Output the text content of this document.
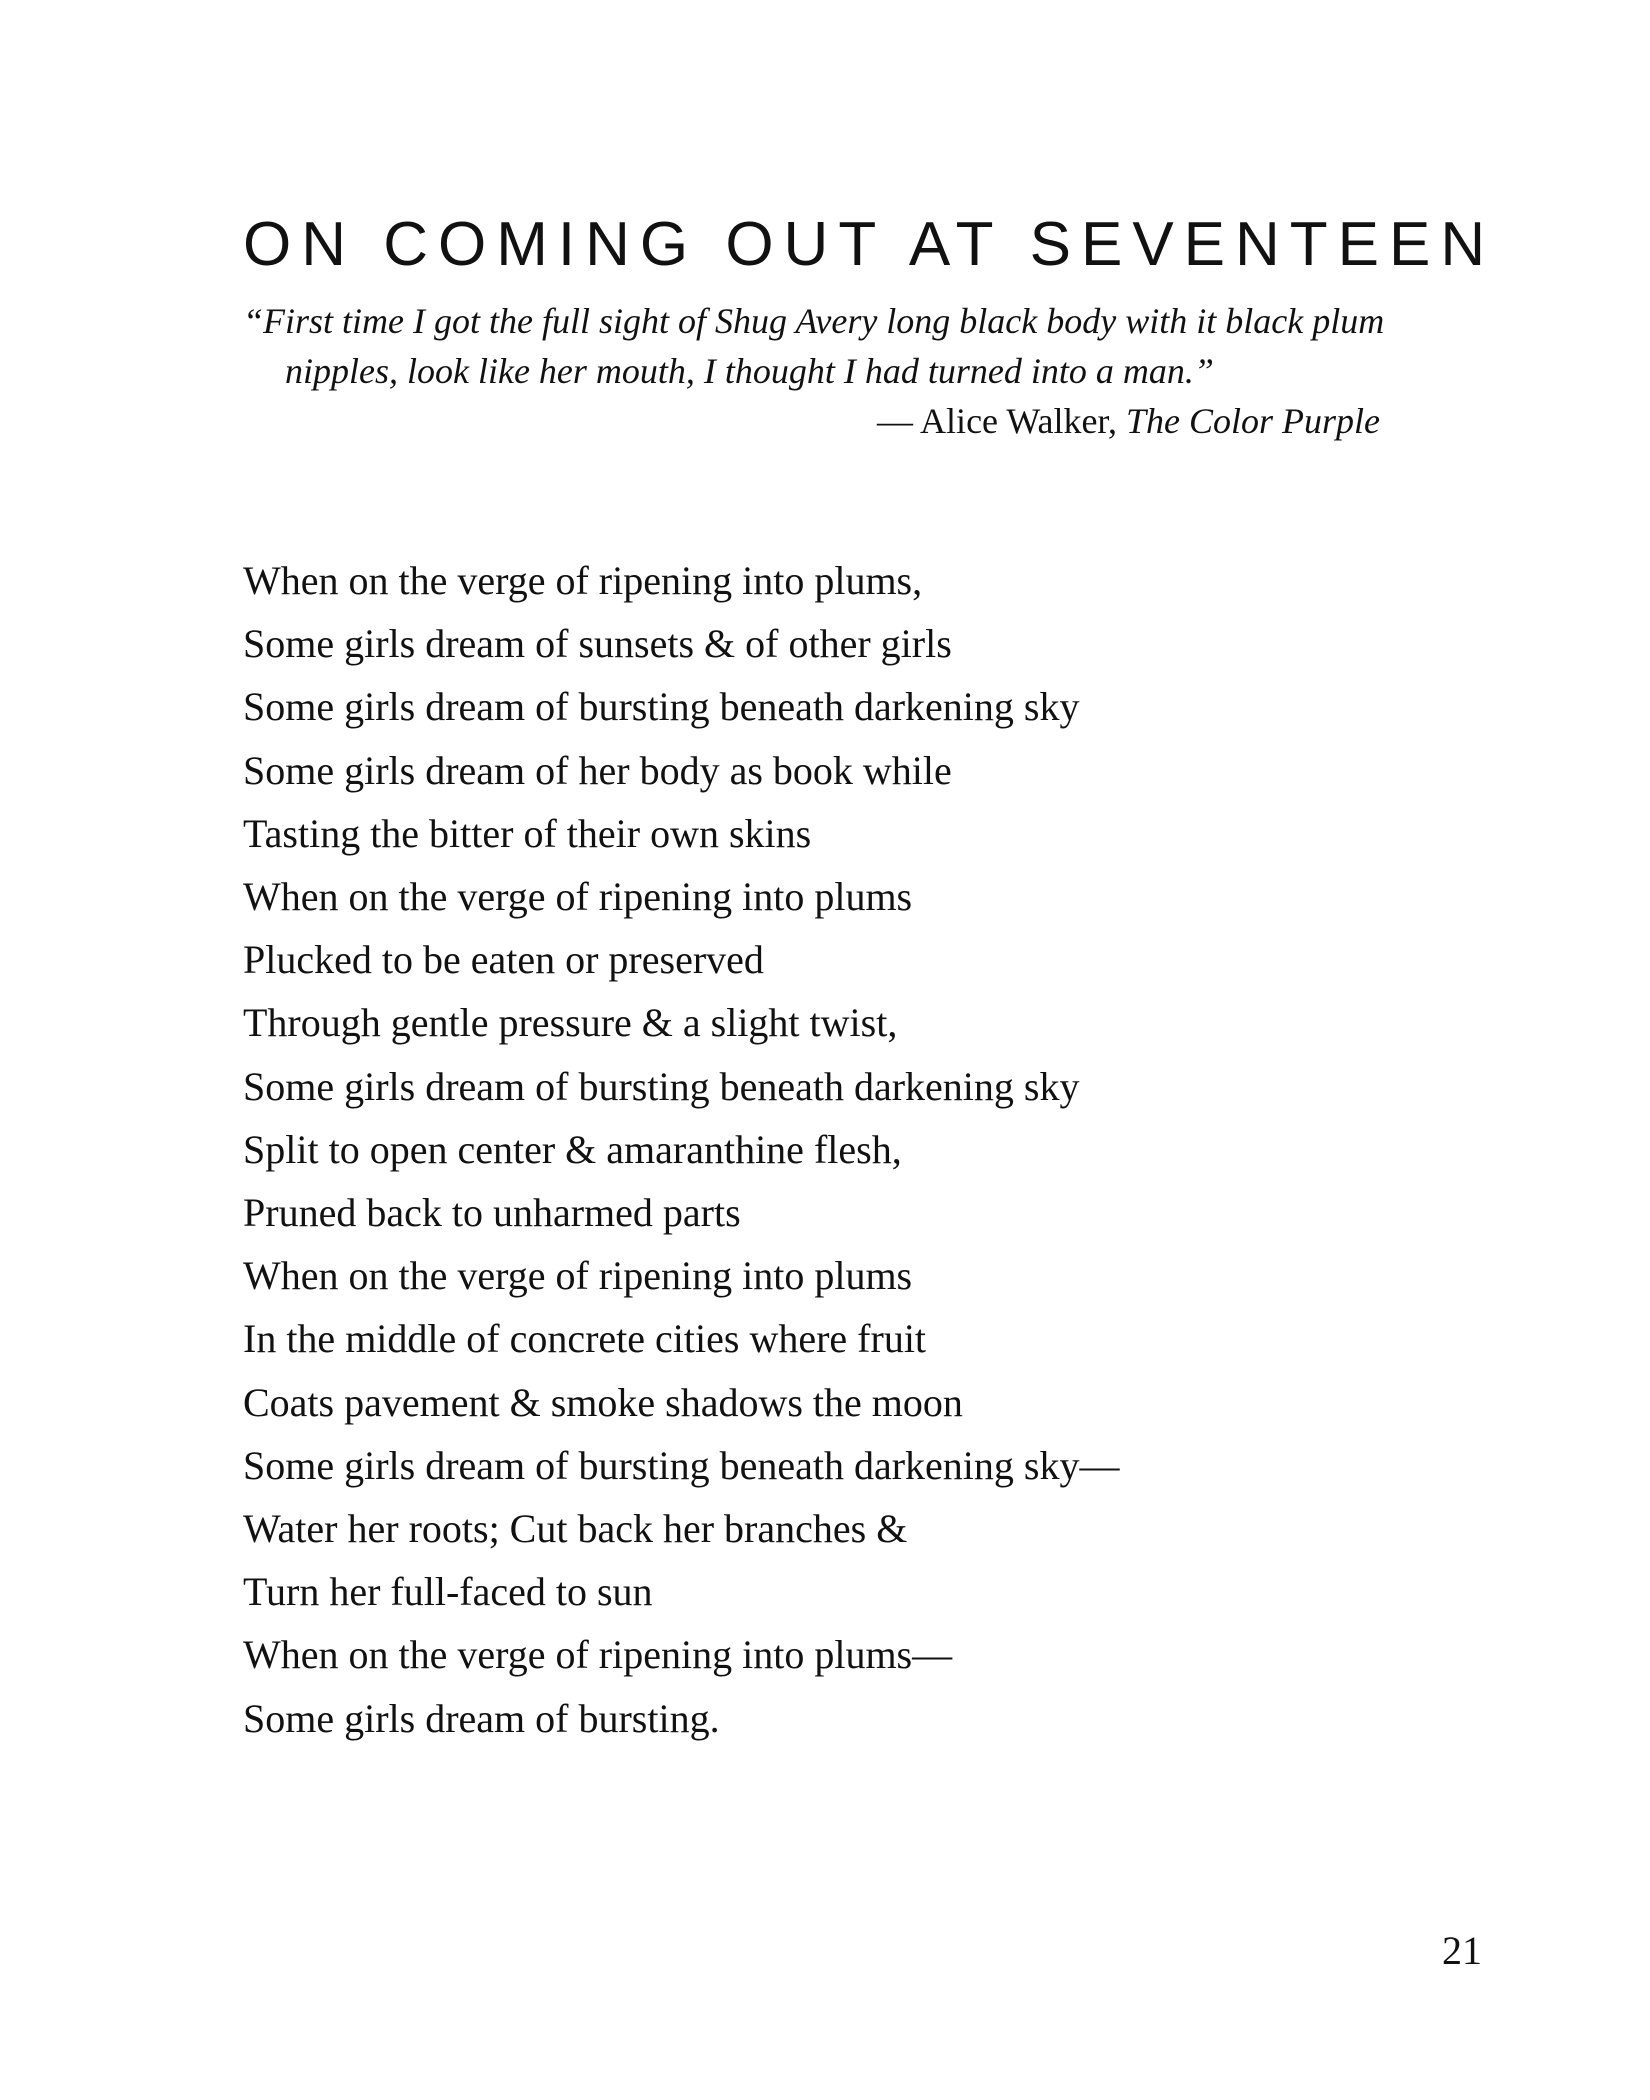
ON COMING OUT AT SEVENTEEN

“First time I got the full sight of Shug Avery long black body with it black plum nipples, look like her mouth, I thought I had turned into a man.”

— Alice Walker, The Color Purple

When on the verge of ripening into plums,
Some girls dream of sunsets & of other girls
Some girls dream of bursting beneath darkening sky
Some girls dream of her body as book while
Tasting the bitter of their own skins
When on the verge of ripening into plums
Plucked to be eaten or preserved
Through gentle pressure & a slight twist,
Some girls dream of bursting beneath darkening sky
Split to open center & amaranthine flesh,
Pruned back to unharmed parts
When on the verge of ripening into plums
In the middle of concrete cities where fruit
Coats pavement & smoke shadows the moon
Some girls dream of bursting beneath darkening sky—
Water her roots; Cut back her branches &
Turn her full-faced to sun
When on the verge of ripening into plums—
Some girls dream of bursting.
21
